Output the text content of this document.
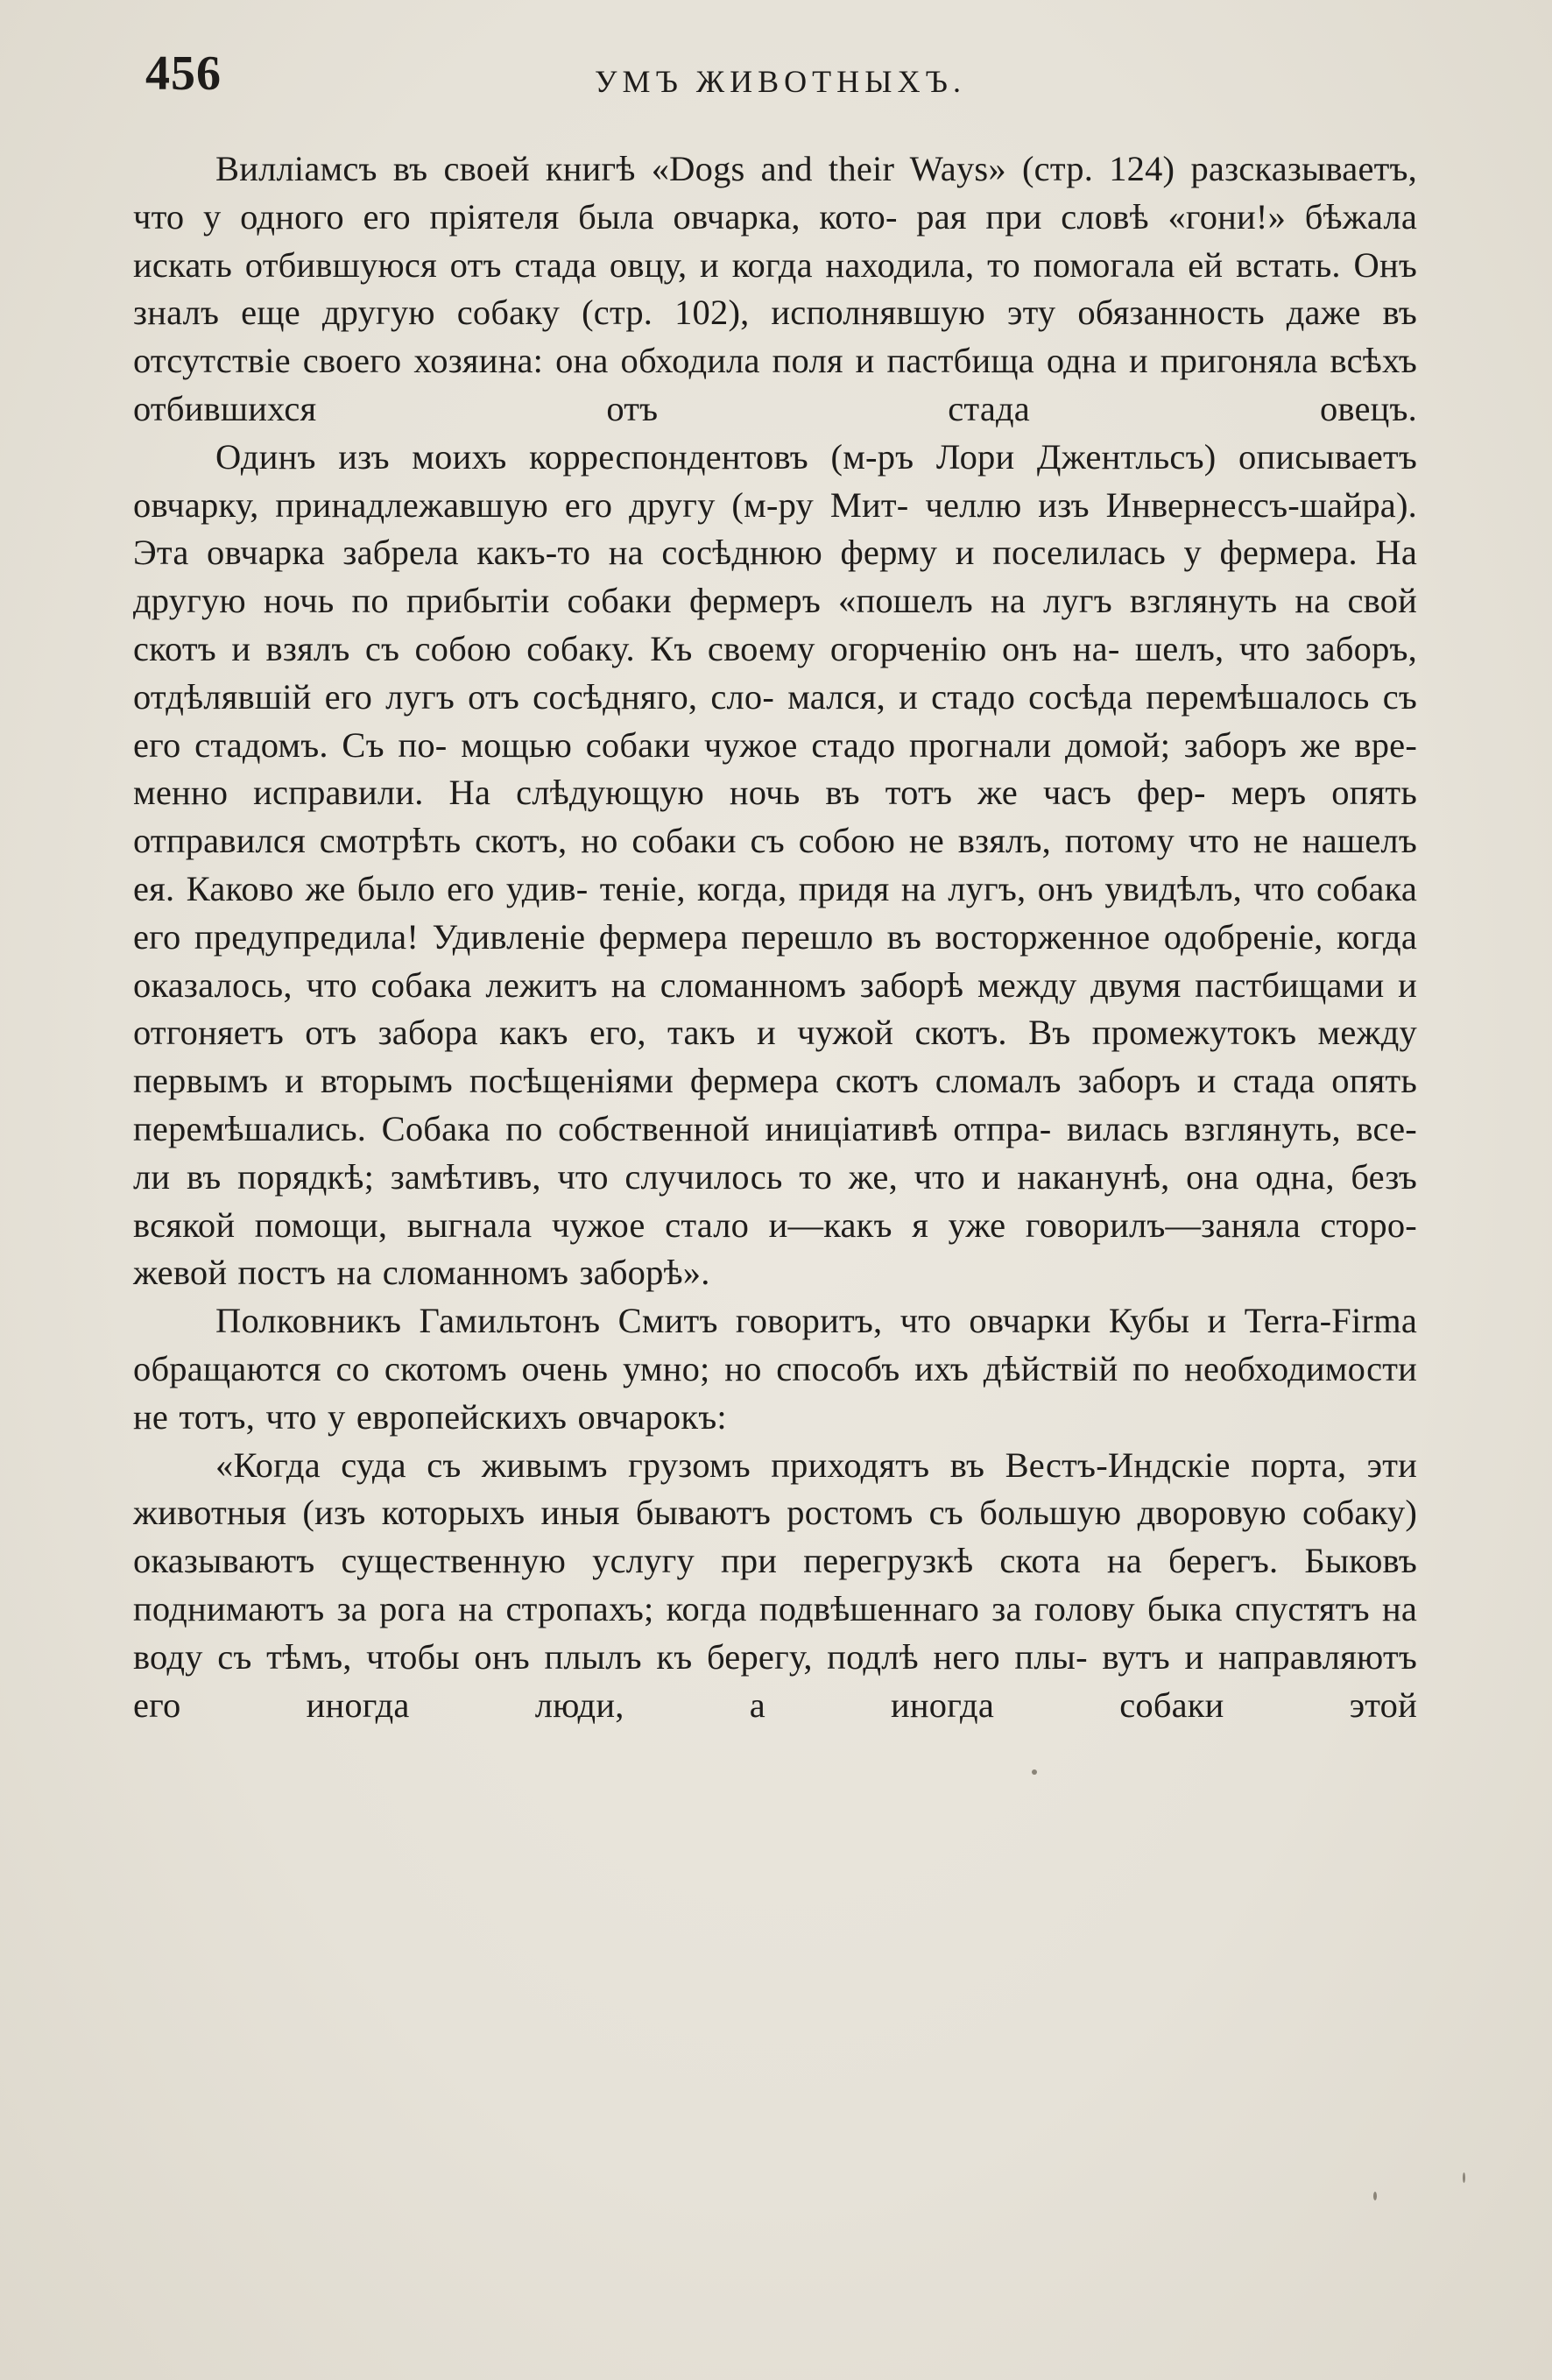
456	УМЪ ЖИВОТНЫХЪ.

Вилліамсъ въ своей книгѣ «Dogs and their Ways» (стр. 124) разсказываетъ, что у одного его пріятеля была овчарка, кото- рая при словѣ «гони!» бѣжала искать отбившуюся отъ стада овцу, и когда находила, то помогала ей встать. Онъ зналъ еще другую собаку (стр. 102), исполнявшую эту обязанность даже въ отсутствіе своего хозяина: она обходила поля и пастбища одна и пригоняла всѣхъ отбившихся отъ стада овецъ.

Одинъ изъ моихъ корреспондентовъ (м-ръ Лори Джентльсъ) описываетъ овчарку, принадлежавшую его другу (м-ру Мит- челлю изъ Инвернессъ-шайра). Эта овчарка забрела какъ-то на сосѣднюю ферму и поселилась у фермера. На другую ночь по прибытіи собаки фермеръ «пошелъ на лугъ взглянуть на свой скотъ и взялъ съ собою собаку. Къ своему огорченію онъ на- шелъ, что заборъ, отдѣлявшій его лугъ отъ сосѣдняго, сло- мался, и стадо сосѣда перемѣшалось съ его стадомъ. Съ по- мощью собаки чужое стадо прогнали домой; заборъ же вре- менно исправили. На слѣдующую ночь въ тотъ же часъ фер- меръ опять отправился смотрѣть скотъ, но собаки съ собою не взялъ, потому что не нашелъ ея. Каково же было его удив- теніе, когда, придя на лугъ, онъ увидѣлъ, что собака его предупредила! Удивленіе фермера перешло въ восторженное одобреніе, когда оказалось, что собака лежитъ на сломанномъ заборѣ между двумя пастбищами и отгоняетъ отъ забора какъ его, такъ и чужой скотъ. Въ промежутокъ между первымъ и вторымъ посѣщеніями фермера скотъ сломалъ заборъ и стада опять перемѣшались. Собака по собственной иниціативѣ отпра- вилась взглянуть, все-ли въ порядкѣ; замѣтивъ, что случилось то же, что и наканунѣ, она одна, безъ всякой помощи, выгнала чужое стало и—какъ я уже говорилъ—заняла сторо- жевой постъ на сломанномъ заборѣ».

Полковникъ Гамильтонъ Смитъ говоритъ, что овчарки Кубы и Terra-Firma обращаются со скотомъ очень умно; но способъ ихъ дѣйствій по необходимости не тотъ, что у европейскихъ овчарокъ:

«Когда суда съ живымъ грузомъ приходятъ въ Вестъ-Индскіе порта, эти животныя (изъ которыхъ иныя бываютъ ростомъ съ большую дворовую собаку) оказываютъ существенную услугу при перегрузкѣ скота на берегъ. Быковъ поднимаютъ за рога на стропахъ; когда подвѣшеннаго за голову быка спустятъ на воду съ тѣмъ, чтобы онъ плылъ къ берегу, подлѣ него плы- вутъ и направляютъ его иногда люди, а иногда собаки этой
